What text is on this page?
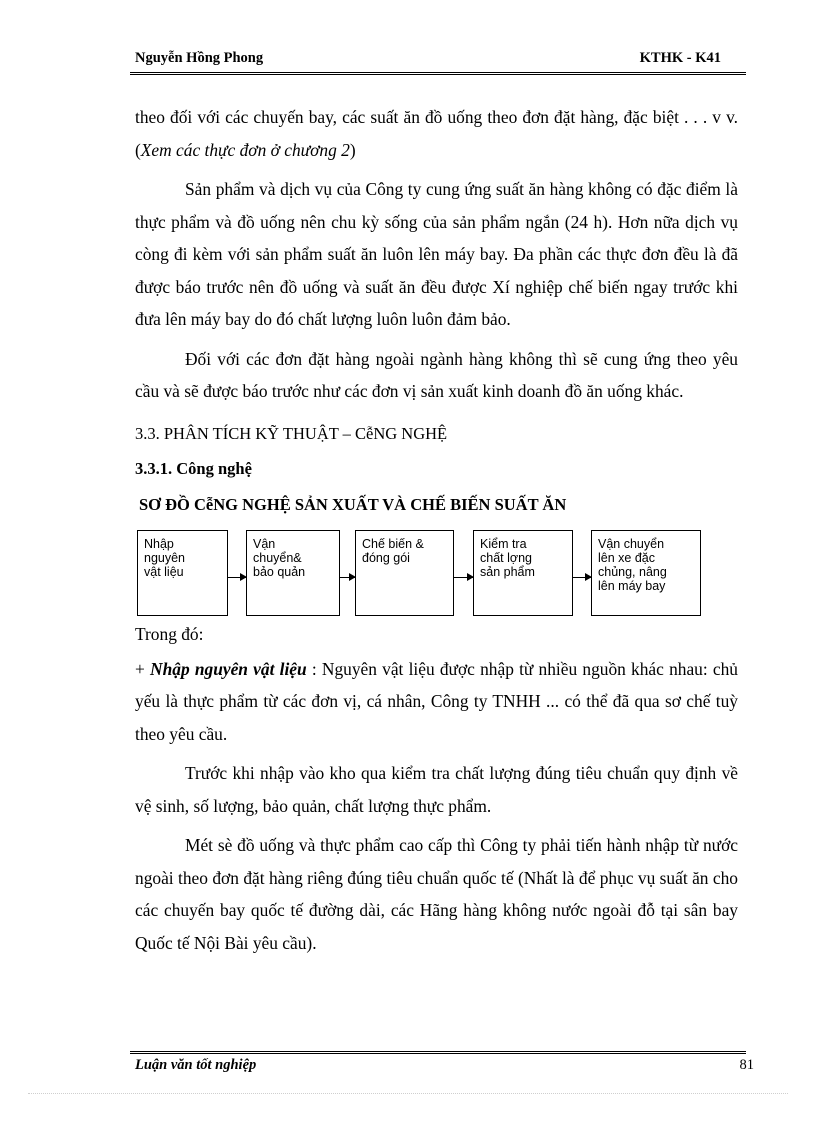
Nguyễn Hồng Phong	KTHK - K41

theo đối với các chuyến bay, các suất ăn đồ uống theo đơn đặt hàng, đặc biệt . . . v v. (Xem các thực đơn ở chương 2)

Sản phẩm và dịch vụ của Công ty cung ứng suất ăn hàng không có đặc điểm là thực phẩm và đồ uống nên chu kỳ sống của sản phẩm ngắn (24 h). Hơn nữa dịch vụ còng đi kèm với sản phẩm suất ăn luôn lên máy bay. Đa phần các thực đơn đều là đã được báo trước nên đồ uống và suất ăn đều được Xí nghiệp chế biến ngay trước khi đưa lên máy bay do đó chất lượng luôn luôn đảm bảo.

Đối với các đơn đặt hàng ngoài ngành hàng không thì sẽ cung ứng theo yêu cầu và sẽ được báo trước như các đơn vị sản xuất kinh doanh đồ ăn uống khác.

3.3. PHÂN TÍCH KỸ THUẬT – CễNG NGHỆ
3.3.1. Công nghệ
SƠ ĐỒ CễNG NGHỆ SẢN XUẤT VÀ CHẾ BIẾN SUẤT ĂN
Nhập
nguyên
vật liệu
Vận
chuyển&
bảo quản
Chế biến &
đóng gói
Kiểm tra
chất lợng
sản phẩm
Vận chuyển
lên xe đặc
chủng, nâng
lên máy bay
Trong đó:

+ Nhập nguyên vật liệu : Nguyên vật liệu được nhập từ nhiều nguồn khác nhau: chủ yếu là thực phẩm từ các đơn vị, cá nhân, Công ty TNHH ... có thể đã qua sơ chế tuỳ theo yêu cầu.

Trước khi nhập vào kho qua kiểm tra chất lượng đúng tiêu chuẩn quy định về vệ sinh, số lượng, bảo quản, chất lượng thực phẩm.

Mét sè đồ uống và thực phẩm cao cấp thì Công ty phải tiến hành nhập từ nước ngoài theo đơn đặt hàng riêng đúng tiêu chuẩn quốc tế (Nhất là để phục vụ suất ăn cho các chuyến bay quốc tế đường dài, các Hãng hàng không nước ngoài đỗ tại sân bay Quốc tế Nội Bài yêu cầu).

Luận văn tốt nghiệp	81
